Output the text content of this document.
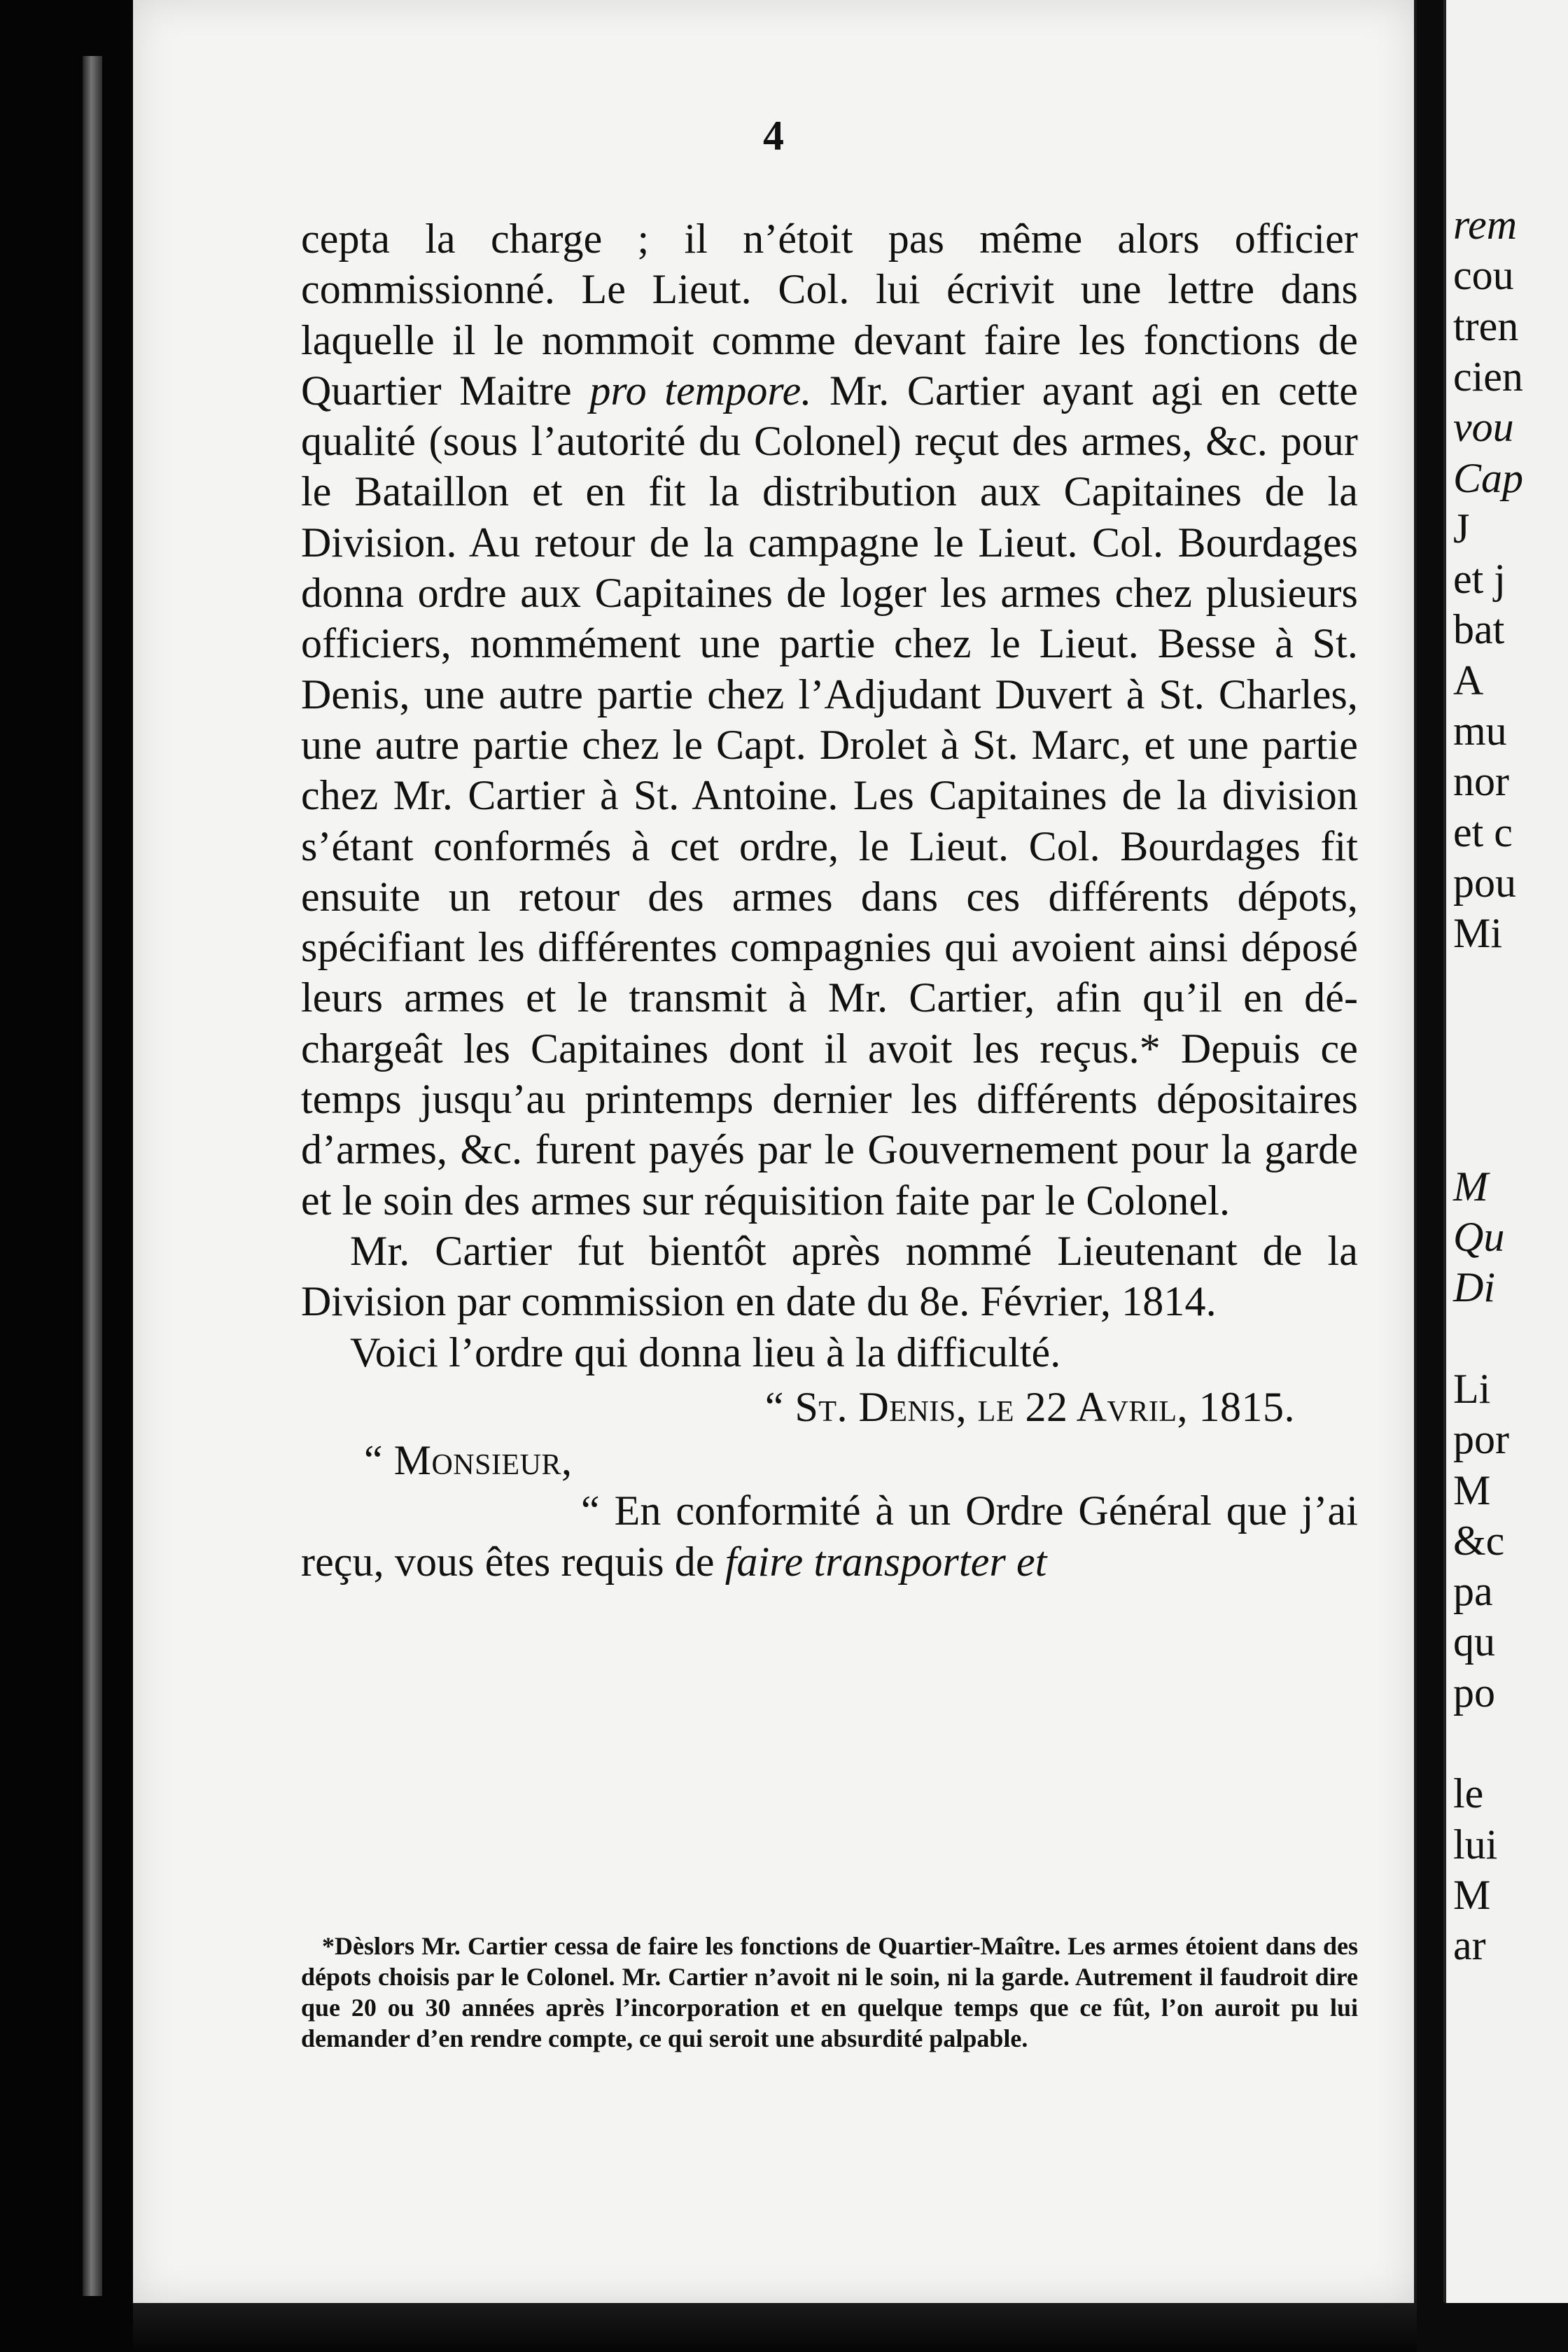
4

cepta la charge ; il n’étoit pas même alors officier commissionné. Le Lieut. Col. lui écrivit une lettre dans laquelle il le nommoit comme devant faire les fonctions de Quartier Maitre pro tempore. Mr. Cartier ayant agi en cette qualité (sous l’autorité du Colonel) reçut des armes, &c. pour le Bataillon et en fit la distribution aux Capitaines de la Division. Au retour de la campagne le Lieut. Col. Bourdages donna ordre aux Capitaines de loger les armes chez plusieurs officiers, nommément une partie chez le Lieut. Besse à St. Denis, une autre partie chez l’Adjudant Duvert à St. Charles, une autre partie chez le Capt. Drolet à St. Marc, et une partie chez Mr. Cartier à St. Antoine. Les Capitaines de la division s’étant conformés à cet ordre, le Lieut. Col. Bourdages fit ensuite un retour des armes dans ces différents dépots, spécifiant les différentes compagnies qui avoient ainsi déposé leurs armes et le transmit à Mr. Cartier, afin qu’il en déchargeât les Capitaines dont il avoit les reçus.* Depuis ce temps jusqu’au printemps dernier les différents dépositaires d’armes, &c. furent payés par le Gouvernement pour la garde et le soin des armes sur réquisition faite par le Colonel.

Mr. Cartier fut bientôt après nommé Lieutenant de la Division par commission en date du 8e. Février, 1814.

Voici l’ordre qui donna lieu à la difficulté.

“ St. Denis, le 22 Avril, 1815.

“ Monsieur,

“ En conformité à un Ordre Général que j’ai reçu, vous êtes requis de faire transporter et

*Dèslors Mr. Cartier cessa de faire les fonctions de Quartier-Maître. Les armes étoient dans des dépots choisis par le Colonel. Mr. Cartier n’avoit ni le soin, ni la garde. Autrement il faudroit dire que 20 ou 30 années après l’incorporation et en quelque temps que ce fût, l’on auroit pu lui demander d’en rendre compte, ce qui seroit une absurdité palpable.

rem
cou
tren
cien
vou
Cap
J
et j
bat
A
mu
nor
et c
pou
Mi
M
Qu
Di
Li
por
M
&c
pa
qu
po
le
lui
M
ar
